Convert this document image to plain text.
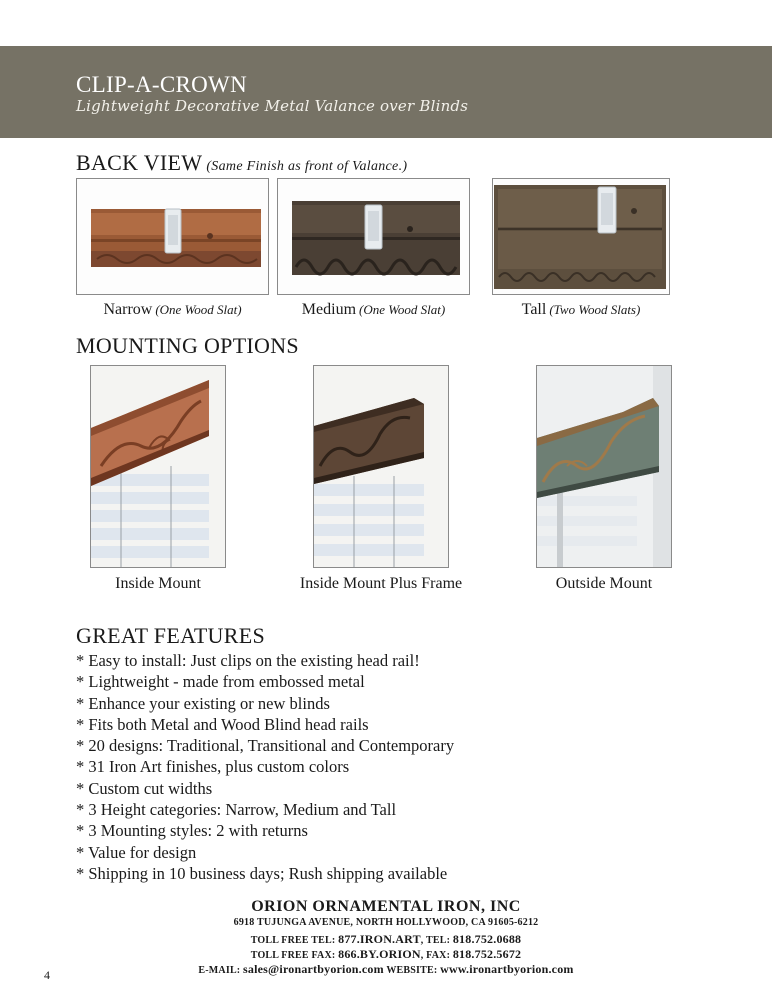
CLIP-A-CROWN
Lightweight Decorative Metal Valance over Blinds
BACK VIEW (Same Finish as front of Valance.)
Narrow (One Wood Slat)	Medium (One Wood Slat)	Tall (Two Wood Slats)
MOUNTING OPTIONS
Inside Mount	Inside Mount Plus Frame	Outside Mount
GREAT FEATURES
* Easy to install: Just clips on the existing head rail!
* Lightweight - made from embossed metal
* Enhance your existing or new blinds
* Fits both Metal and Wood Blind head rails
* 20 designs: Traditional, Transitional and Contemporary
* 31 Iron Art finishes, plus custom colors
* Custom cut widths
* 3 Height categories: Narrow, Medium and Tall
* 3 Mounting styles: 2 with returns
* Value for design
* Shipping in 10 business days; Rush shipping available
ORION ORNAMENTAL IRON, INC
6918 TUJUNGA AVENUE, NORTH HOLLYWOOD, CA 91605-6212
TOLL FREE TEL: 877.IRON.ART, TEL: 818.752.0688
TOLL FREE FAX: 866.BY.ORION, FAX: 818.752.5672
E-MAIL: sales@ironartbyorion.com WEBSITE: www.ironartbyorion.com
4
